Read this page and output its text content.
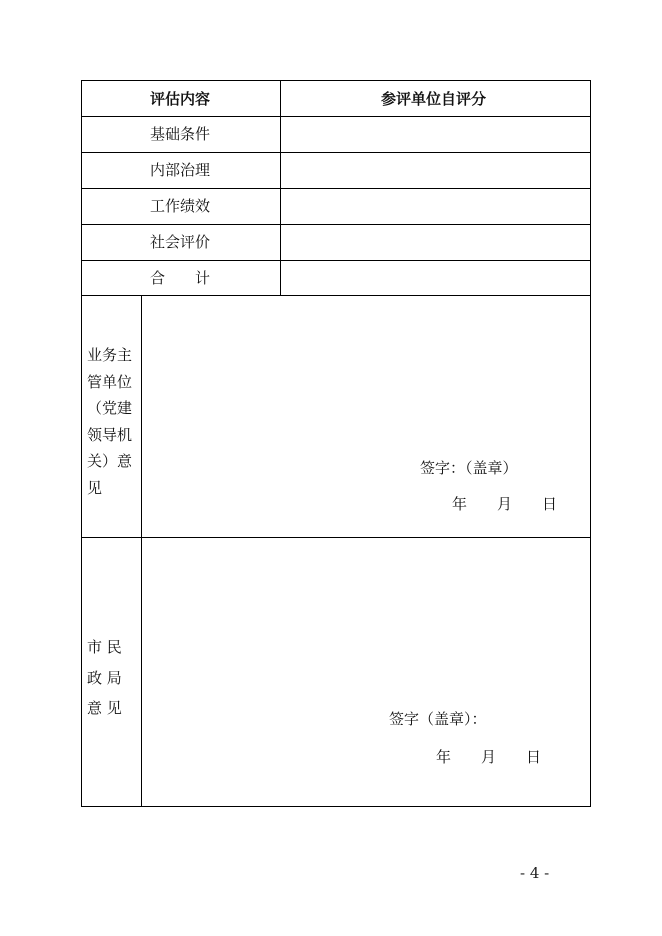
评估内容	参评单位自评分
基础条件
内部治理
工作绩效
社会评价
合　　计
业务主
管单位
（党建
领导机
关）意
见
签字：（盖章）
年　　月　　日
市 民
政 局
意 见
签字（盖章）：
年　　月　　日
- 4 -
